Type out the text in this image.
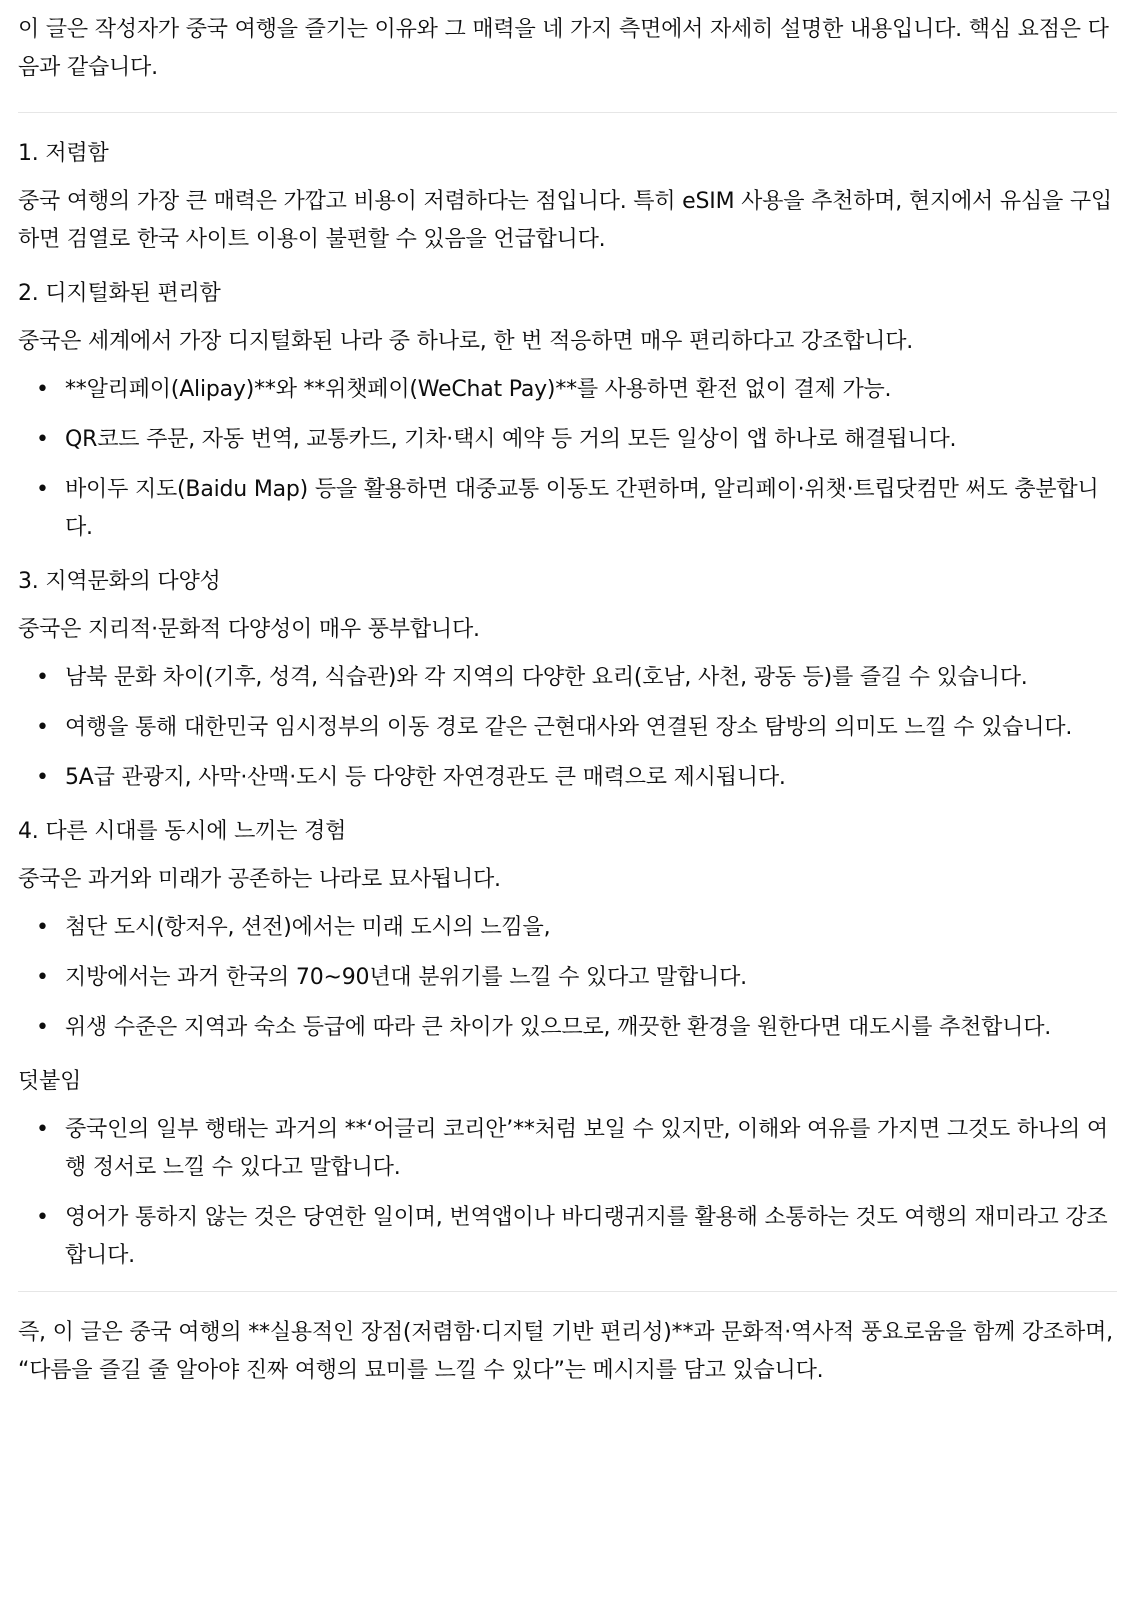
이 글은 작성자가 중국 여행을 즐기는 이유와 그 매력을 네 가지 측면에서 자세히 설명한 내용입니다. 핵심 요점은 다음과 같습니다.

1. 저렴함

중국 여행의 가장 큰 매력은 가깝고 비용이 저렴하다는 점입니다. 특히 eSIM 사용을 추천하며, 현지에서 유심을 구입하면 검열로 한국 사이트 이용이 불편할 수 있음을 언급합니다.

2. 디지털화된 편리함

중국은 세계에서 가장 디지털화된 나라 중 하나로, 한 번 적응하면 매우 편리하다고 강조합니다.

• **알리페이(Alipay)**와 **위챗페이(WeChat Pay)**를 사용하면 환전 없이 결제 가능.
• QR코드 주문, 자동 번역, 교통카드, 기차·택시 예약 등 거의 모든 일상이 앱 하나로 해결됩니다.
• 바이두 지도(Baidu Map) 등을 활용하면 대중교통 이동도 간편하며, 알리페이·위챗·트립닷컴만 써도 충분합니다.

3. 지역문화의 다양성

중국은 지리적·문화적 다양성이 매우 풍부합니다.

• 남북 문화 차이(기후, 성격, 식습관)와 각 지역의 다양한 요리(호남, 사천, 광동 등)를 즐길 수 있습니다.
• 여행을 통해 대한민국 임시정부의 이동 경로 같은 근현대사와 연결된 장소 탐방의 의미도 느낄 수 있습니다.
• 5A급 관광지, 사막·산맥·도시 등 다양한 자연경관도 큰 매력으로 제시됩니다.

4. 다른 시대를 동시에 느끼는 경험

중국은 과거와 미래가 공존하는 나라로 묘사됩니다.

• 첨단 도시(항저우, 션전)에서는 미래 도시의 느낌을,
• 지방에서는 과거 한국의 70~90년대 분위기를 느낄 수 있다고 말합니다.
• 위생 수준은 지역과 숙소 등급에 따라 큰 차이가 있으므로, 깨끗한 환경을 원한다면 대도시를 추천합니다.

덧붙임

• 중국인의 일부 행태는 과거의 **‘어글리 코리안’**처럼 보일 수 있지만, 이해와 여유를 가지면 그것도 하나의 여행 정서로 느낄 수 있다고 말합니다.
• 영어가 통하지 않는 것은 당연한 일이며, 번역앱이나 바디랭귀지를 활용해 소통하는 것도 여행의 재미라고 강조합니다.

즉, 이 글은 중국 여행의 **실용적인 장점(저렴함·디지털 기반 편리성)**과 문화적·역사적 풍요로움을 함께 강조하며, “다름을 즐길 줄 알아야 진짜 여행의 묘미를 느낄 수 있다”는 메시지를 담고 있습니다.
